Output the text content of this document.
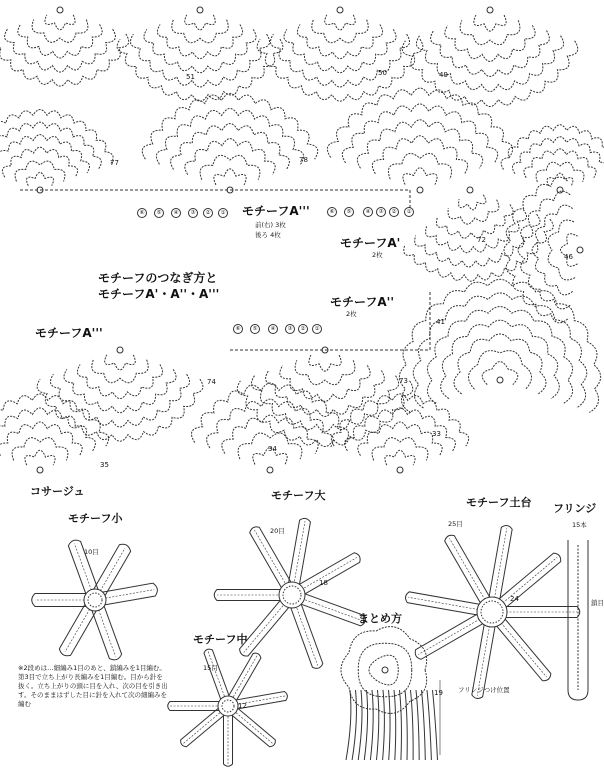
モチーフA'''
前(右) 3枚
後ろ 4枚
モチーフA'
2枚
モチーフのつなぎ方と
モチーフA'・A''・A'''
モチーフA''
2枚
モチーフA'''
51	50	49
77	78
72
46
41
74	73
33
35
34
⑥	⑤	④	③	②	①	⑥	⑤	④	③	②	①
⑥	⑤	④	③	②	①
コサージュ
モチーフ小
モチーフ大
モチーフ土台 フリンジ
15本
モチーフ中
まとめ方
10目
20目
25目
15目
鎖目
フリンジつけ位置
18
24
12
19
※2段めは…細編み1目のあと、鎖編みを1目編む。第3目で立ち上がり長編みを1目編む。目から針を抜く。立ち上がりの頭に目を入れ、次の目を引き出す。そのままはずした目に針を入れて次の細編みを編む
